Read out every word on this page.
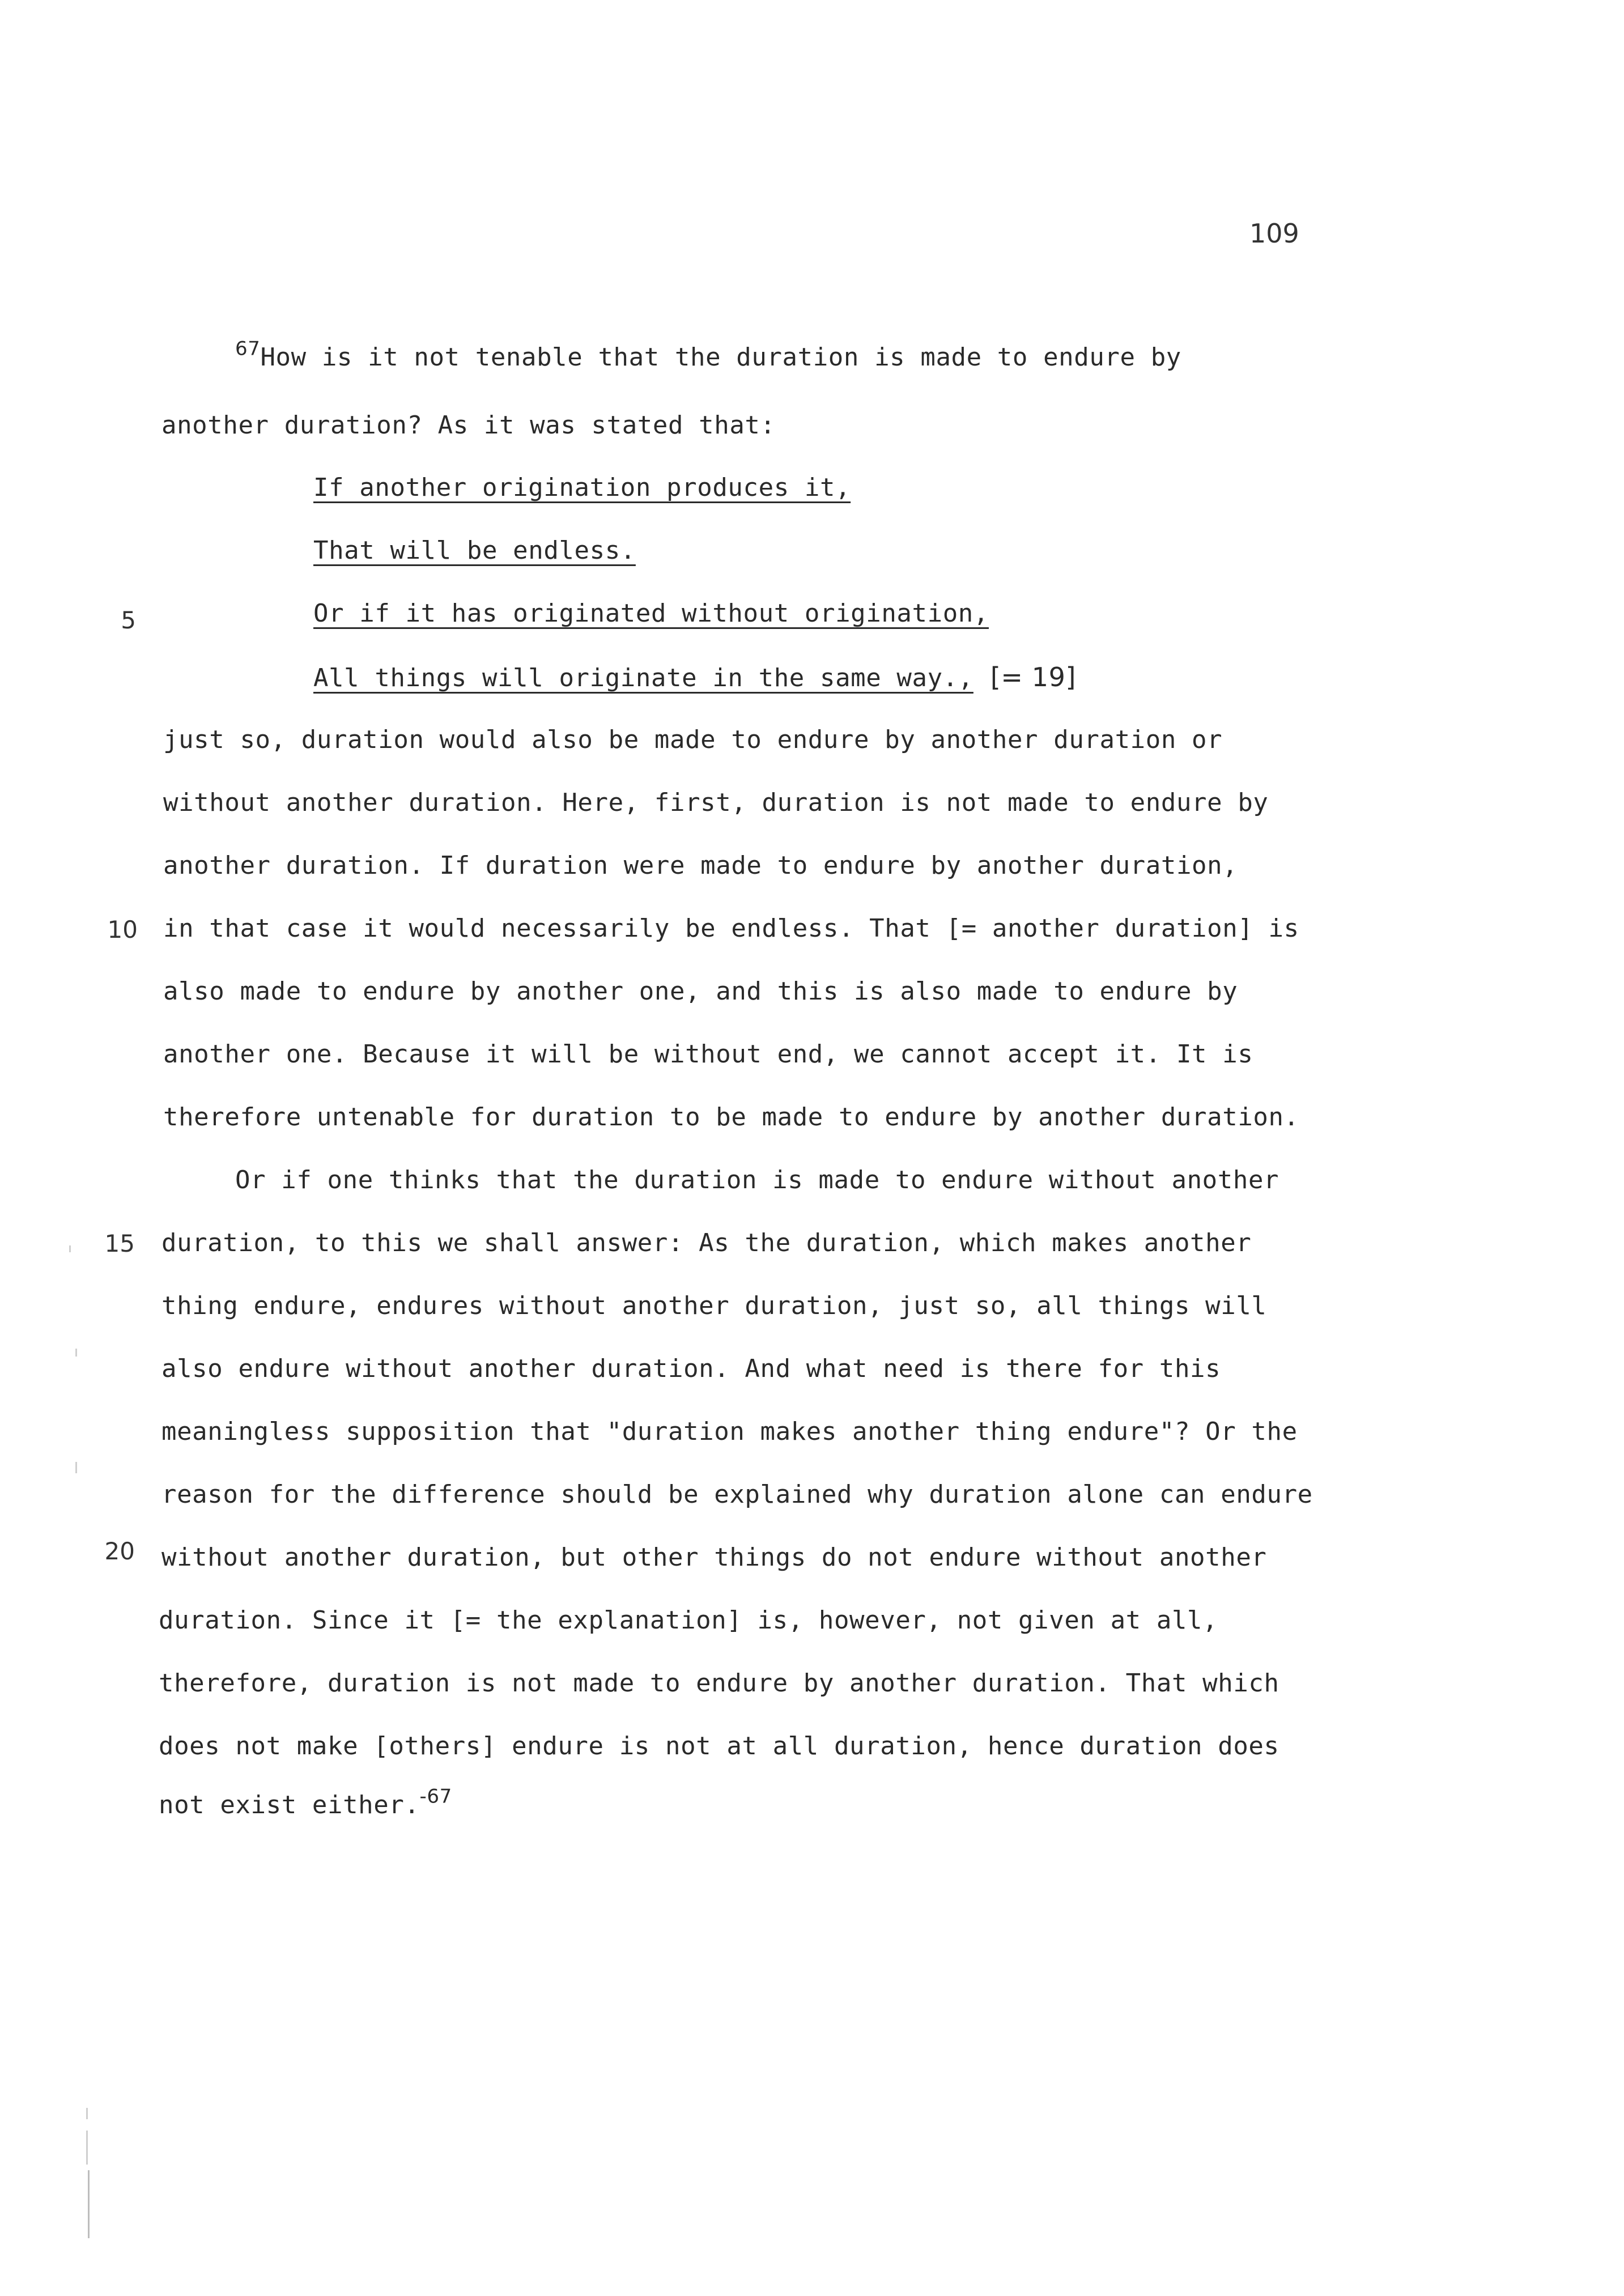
109
$^{67}$How is it not tenable that the duration is made to endure by
another duration? As it was stated that:
If another origination produces it,
That will be endless.
5	Or if it has originated without origination,
All things will originate in the same way., [= 19]
just so, duration would also be made to endure by another duration or
without another duration. Here, first, duration is not made to endure by
another duration. If duration were made to endure by another duration,
10 in that case it would necessarily be endless. That [= another duration] is
also made to endure by another one, and this is also made to endure by
another one. Because it will be without end, we cannot accept it. It is
therefore untenable for duration to be made to endure by another duration.
Or if one thinks that the duration is made to endure without another
15 duration, to this we shall answer: As the duration, which makes another
thing endure, endures without another duration, just so, all things will
also endure without another duration. And what need is there for this
meaningless supposition that "duration makes another thing endure"? Or the
reason for the difference should be explained why duration alone can endure
20 without another duration, but other things do not endure without another
duration. Since it [= the explanation] is, however, not given at all,
therefore, duration is not made to endure by another duration. That which
does not make [others] endure is not at all duration, hence duration does
not exist either.$^{-67}$
